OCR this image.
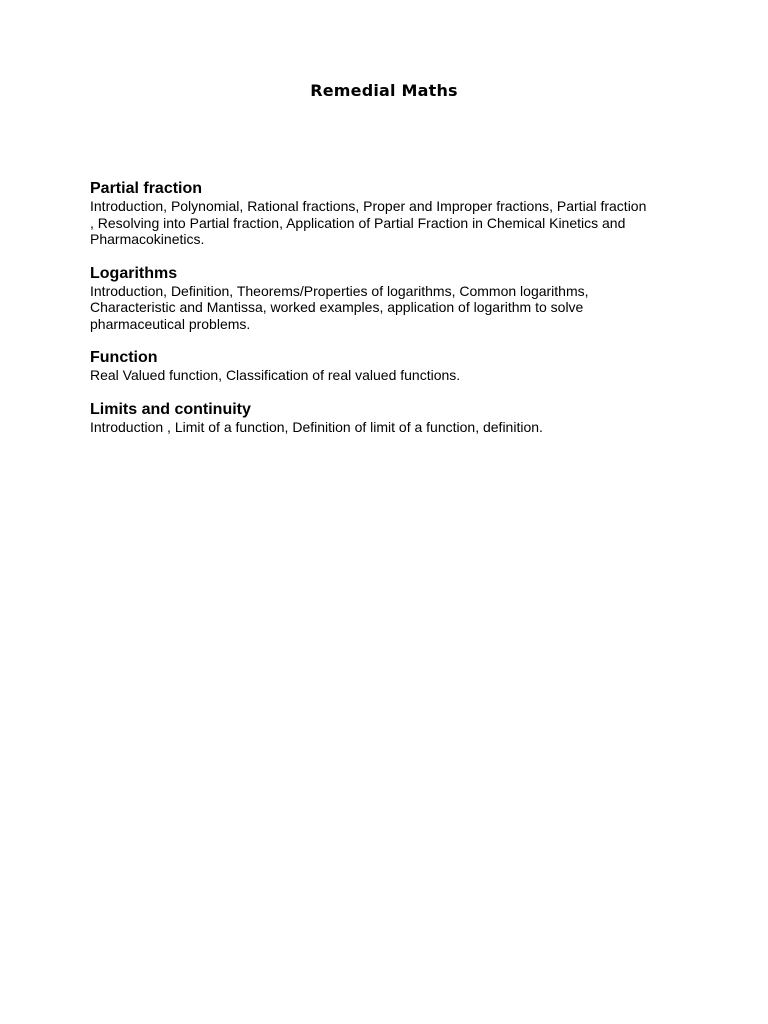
Remedial Maths
Partial fraction

Introduction, Polynomial, Rational fractions, Proper and Improper fractions, Partial fraction , Resolving into Partial fraction, Application of Partial Fraction in Chemical Kinetics and Pharmacokinetics.

Logarithms

Introduction, Definition, Theorems/Properties of logarithms, Common logarithms, Characteristic and Mantissa, worked examples, application of logarithm to solve pharmaceutical problems.

Function

Real Valued function, Classification of real valued functions.

Limits and continuity

Introduction , Limit of a function, Definition of limit of a function, definition.
